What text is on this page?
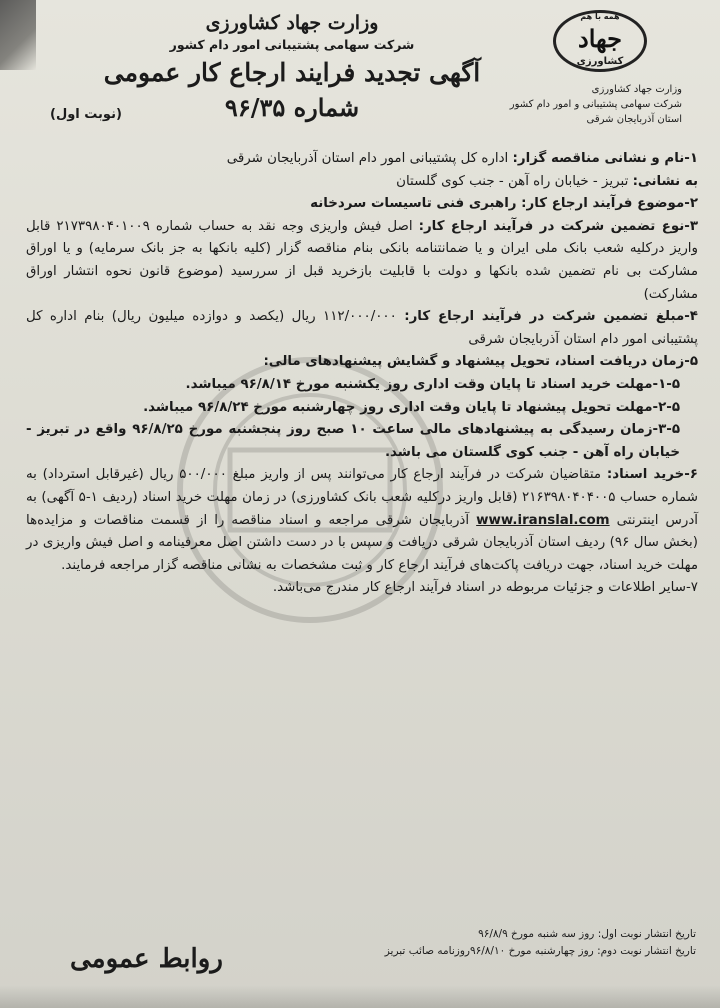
همه با هم
جهاد
کشاورزی
وزارت جهاد کشاورزی
شرکت سهامی پشتیبانی و امور دام کشور
استان آذربایجان شرقی
وزارت جهاد کشاورزی
شرکت سهامی پشتیبانی امور دام کشور
آگهی تجدید فرایند ارجاع کار عمومی
شماره ۹۶/۳۵
(نوبت اول)

۱-نام و نشانی مناقصه گزار: اداره کل پشتیبانی امور دام استان آذربایجان شرقی

به نشانی: تبریز - خیابان راه آهن - جنب کوی گلستان

۲-موضوع فرآیند ارجاع کار: راهبری فنی تاسیسات سردخانه

۳-نوع تضمین شرکت در فرآیند ارجاع کار: اصل فیش واریزی وجه نقد به حساب شماره ۲۱۷۳۹۸۰۴۰۱۰۰۹ قابل واریز درکلیه شعب بانک ملی ایران و یا ضمانتنامه بانکی بنام مناقصه گزار (کلیه بانکها به جز بانک سرمایه) و یا اوراق مشارکت بی نام تضمین شده بانکها و دولت با قابلیت بازخرید قبل از سررسید (موضوع قانون نحوه انتشار اوراق مشارکت)

۴-مبلغ تضمین شرکت در فرآیند ارجاع کار: ۱۱۲/۰۰۰/۰۰۰ ریال (یکصد و دوازده میلیون ریال) بنام اداره کل پشتیبانی امور دام استان آذربایجان شرقی

۵-زمان دریافت اسناد، تحویل پیشنهاد و گشایش پیشنهادهای مالی:

۱-۵-مهلت خرید اسناد تا پایان وقت اداری روز یکشنبه مورخ ۹۶/۸/۱۴ میباشد.

۲-۵-مهلت تحویل پیشنهاد تا پایان وقت اداری روز چهارشنبه مورخ ۹۶/۸/۲۴ میباشد.

۳-۵-زمان رسیدگی به پیشنهادهای مالی ساعت ۱۰ صبح روز پنجشنبه مورخ ۹۶/۸/۲۵ واقع در تبریز - خیابان راه آهن - جنب کوی گلستان می باشد.

۶-خرید اسناد: متقاضیان شرکت در فرآیند ارجاع کار می‌توانند پس از واریز مبلغ ۵۰۰/۰۰۰ ریال (غیرقابل استرداد) به شماره حساب ۲۱۶۳۹۸۰۴۰۴۰۰۵ (قابل واریز درکلیه شعب بانک کشاورزی) در زمان مهلت خرید اسناد (ردیف ۱-۵ آگهی) به آدرس اینترنتی www.iranslal.com آذربایجان شرقی مراجعه و اسناد مناقصه را از قسمت مناقصات و مزایده‌ها (بخش سال ۹۶) ردیف استان آذربایجان شرقی دریافت و سپس با در دست داشتن اصل معرفینامه و اصل فیش واریزی در مهلت خرید اسناد، جهت دریافت پاکت‌های فرآیند ارجاع کار و ثبت مشخصات به نشانی مناقصه گزار مراجعه فرمایند.

۷-سایر اطلاعات و جزئیات مربوطه در اسناد فرآیند ارجاع کار مندرج می‌باشد.

تاریخ انتشار نوبت اول: روز سه شنبه مورخ ۹۶/۸/۹
تاریخ انتشار نوبت دوم: روز چهارشنبه مورخ ۹۶/۸/۱۰روزنامه صائب تبریز
روابط عمومی
